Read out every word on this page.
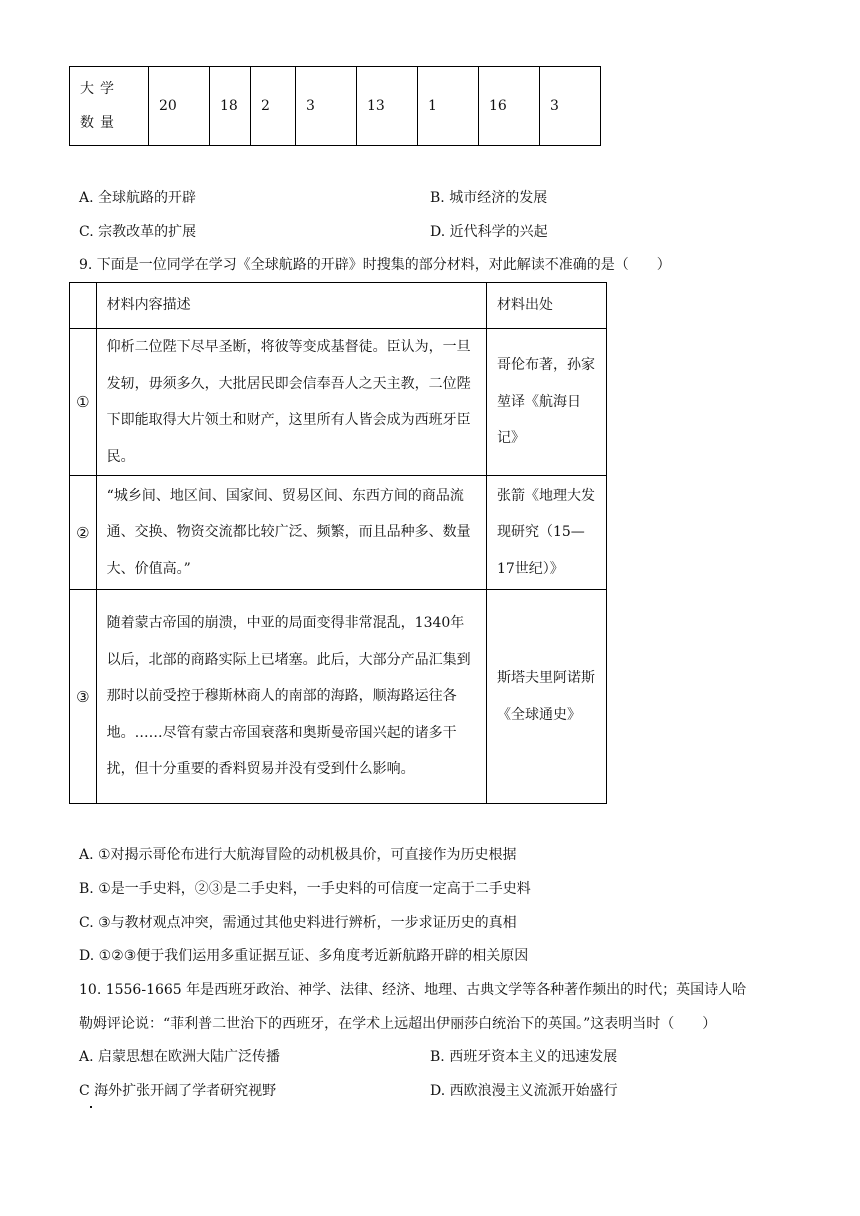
大学数量	20	18	2	3	13	1	16	3
A. 全球航路的开辟	B. 城市经济的发展
C. 宗教改革的扩展	D. 近代科学的兴起
9. 下面是一位同学在学习《全球航路的开辟》时搜集的部分材料，对此解读不准确的是（　　）
	材料内容描述	材料出处
①	仰析二位陛下尽早圣断，将彼等变成基督徒。臣认为，一旦发轫，毋须多久，大批居民即会信奉吾人之天主教，二位陛下即能取得大片领土和财产，这里所有人皆会成为西班牙臣民。	哥伦布著，孙家堃译《航海日记》
②	“城乡间、地区间、国家间、贸易区间、东西方间的商品流通、交换、物资交流都比较广泛、频繁，而且品种多、数量大、价值高。”	张箭《地理大发现研究（15—17世纪）》
③	随着蒙古帝国的崩溃，中亚的局面变得非常混乱，1340年以后，北部的商路实际上已堵塞。此后，大部分产品汇集到那时以前受控于穆斯林商人的南部的海路，顺海路运往各地。……尽管有蒙古帝国衰落和奥斯曼帝国兴起的诸多干扰，但十分重要的香料贸易并没有受到什么影响。	斯塔夫里阿诺斯《全球通史》
A. ①对揭示哥伦布进行大航海冒险的动机极具价，可直接作为历史根据
B. ①是一手史料，②③是二手史料，一手史料的可信度一定高于二手史料
C. ③与教材观点冲突，需通过其他史料进行辨析，一步求证历史的真相
D. ①②③便于我们运用多重证据互证、多角度考近新航路开辟的相关原因
10. 1556-1665 年是西班牙政治、神学、法律、经济、地理、古典文学等各种著作频出的时代；英国诗人哈
勒姆评论说：“菲利普二世治下的西班牙，在学术上远超出伊丽莎白统治下的英国。”这表明当时（　　）
A. 启蒙思想在欧洲大陆广泛传播	B. 西班牙资本主义的迅速发展
C 海外扩张开阔了学者研究视野	D. 西欧浪漫主义流派开始盛行
